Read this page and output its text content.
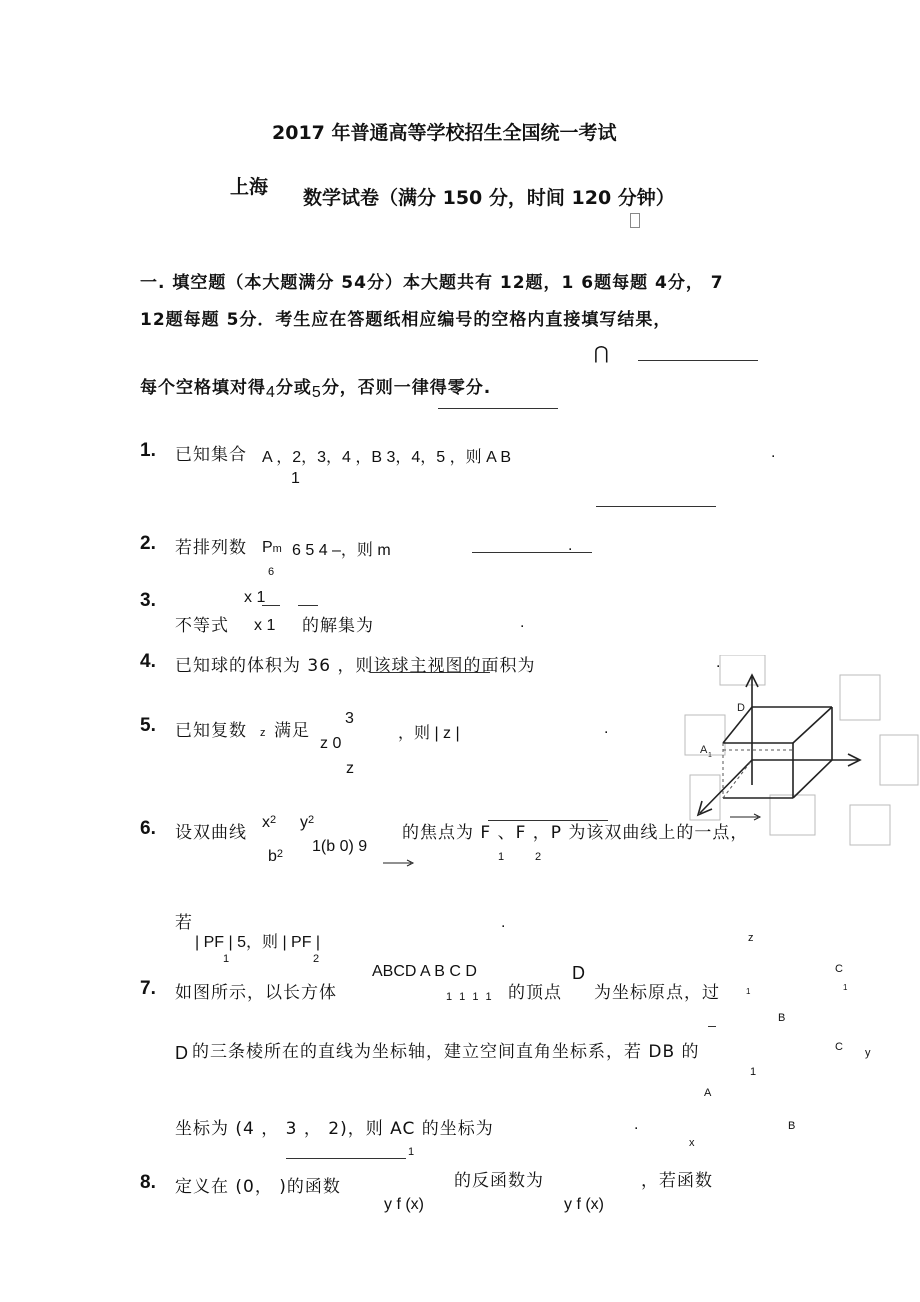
2017 年普通高等学校招生全国统一考试
上海 数学试卷（满分 150 分，时间 120 分钟）
一. 填空题（本大题满分 54分）本大题共有 12题，1 6题每题 4分， 7
12题每题 5分．考生应在答题纸相应编号的空格内直接填写结果，
⋂
每个空格填对得4分或5分，否则一律得零分.
1. 已知集合 A ，2，3，4 ，B 3，4，5 ，则 A B
1
.
2. 若排列数 Pm 6 5 4 –，则 m
6
.
3.	x 1
不等式 x 1 的解集为	.
4. 已知球的体积为 36 ，则该球主视图的面积为	.
5. 已知复数 z 满足
3
z 0
z
，则 | z |	.
D
A 1
6. 设双曲线
$x^2$ $y^2$
$b^2$ 1(b 0) 9
的焦点为 F 、F ，P 为该双曲线上的一点，
1	2
若
| PF | 5，则 | PF |
1	2
.
z
C
1
B
1
C y
1
A
B
x
7. 如图所示，以长方体
ABCD A B C D
1 1 1 1 的顶点
D
为坐标原点，过
D 的三条棱所在的直线为坐标轴，建立空间直角坐标系，若 DB 的
坐标为 (4 ， 3 ， 2)，则 AC 的坐标为
1
.
8. 定义在 (0， )的函数	的反函数为	，若函数
y f (x)	y f (x)
